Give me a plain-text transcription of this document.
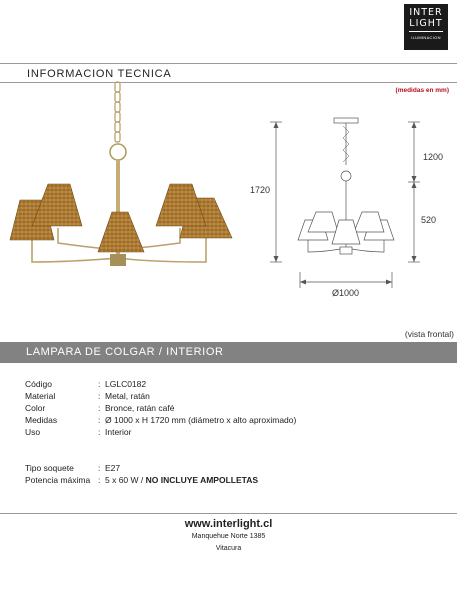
INTER
LIGHT
ILUMINACION
INFORMACION TECNICA
(medidas en mm)
1720
1200
520
Ø1000
(vista frontal)
LAMPARA DE COLGAR / INTERIOR
Código	: LGLC0182
Material	: Metal, ratán
Color	: Bronce, ratán café
Medidas	: Ø 1000 x H 1720 mm (diámetro x alto aproximado)
Uso	: Interior
Tipo soquete	: E27
Potencia máxima : 5 x 60 W / NO INCLUYE AMPOLLETAS
www.interlight.cl
Manquehue Norte 1385
Vitacura
